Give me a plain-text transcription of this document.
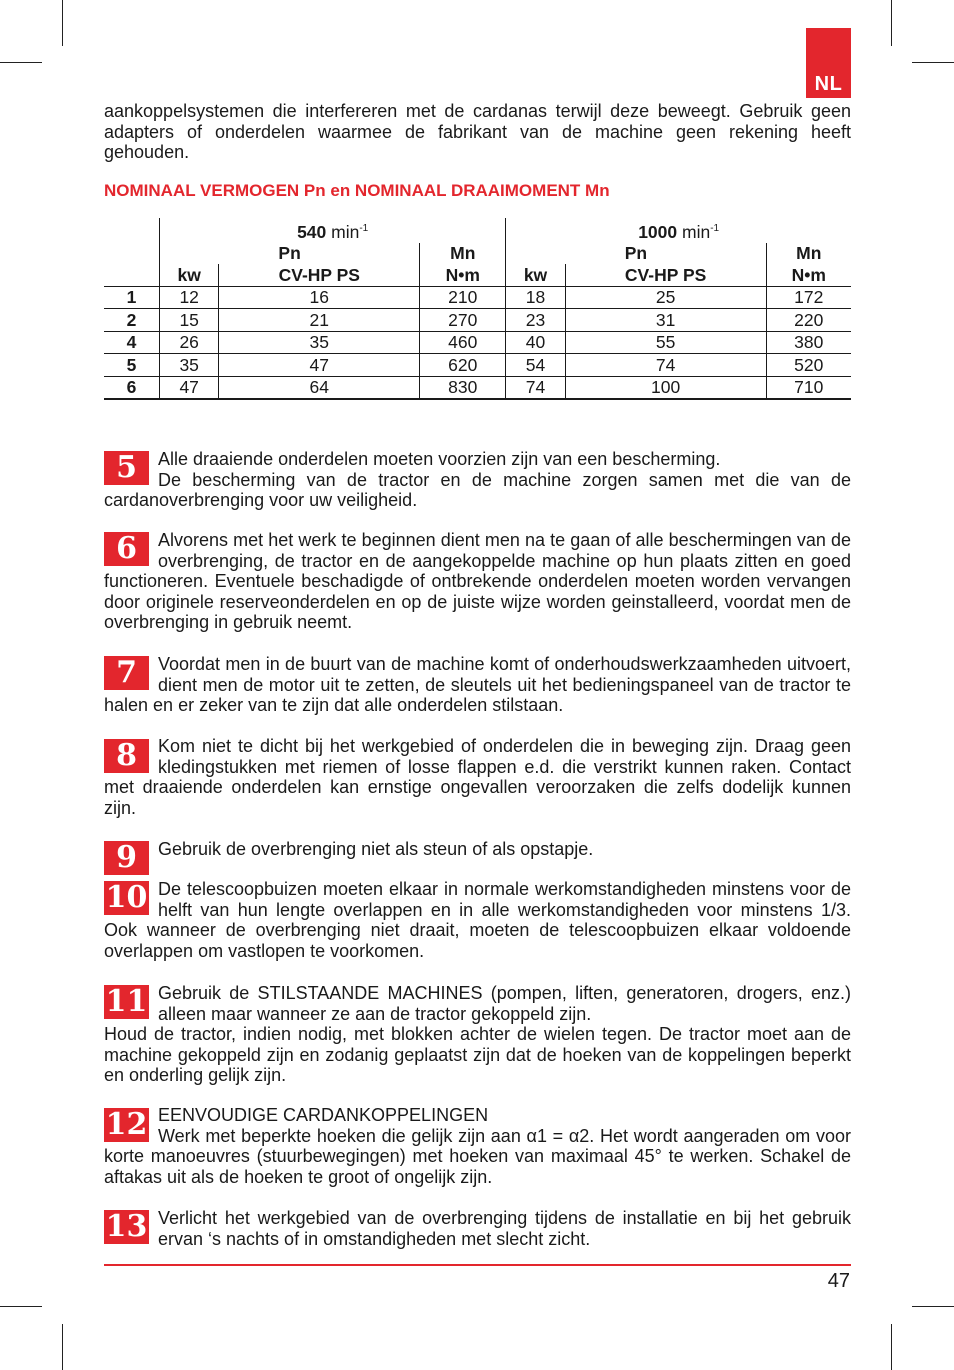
NL
aankoppelsystemen die interfereren met de cardanas terwijl deze beweegt. Gebruik geen adapters of onderdelen waarmee de fabrikant van de machine geen rekening heeft gehouden.
NOMINAAL VERMOGEN Pn en NOMINAAL DRAAIMOMENT Mn
	540 $\min^{-1}$			1000 $\min^{-1}$
	Pn		Mn	Pn		Mn
	kw	CV-HP PS	N•m	kw	CV-HP PS	N•m
1	12	16	210	18	25	172
2	15	21	270	23	31	220
4	26	35	460	40	55	380
5	35	47	620	54	74	520
6	47	64	830	74	100	710
5	Alle draaiende onderdelen moeten voorzien zijn van een bescherming.
De bescherming van de tractor en de machine zorgen samen met die van de cardanoverbrenging voor uw veiligheid.
6	Alvorens met het werk te beginnen dient men na te gaan of alle beschermingen van de overbrenging, de tractor en de aangekoppelde machine op hun plaats zitten en goed functioneren. Eventuele beschadigde of ontbrekende onderdelen moeten worden vervangen door originele reserveonderdelen en op de juiste wijze worden geinstalleerd, voordat men de overbrenging in gebruik neemt.
7	Voordat men in de buurt van de machine komt of onderhoudswerkzaamheden uitvoert, dient men de motor uit te zetten, de sleutels uit het bedieningspaneel van de tractor te halen en er zeker van te zijn dat alle onderdelen stilstaan.
8	Kom niet te dicht bij het werkgebied of onderdelen die in beweging zijn. Draag geen kledingstukken met riemen of losse flappen e.d. die verstrikt kunnen raken. Contact met draaiende onderdelen kan ernstige ongevallen veroorzaken die zelfs dodelijk kunnen zijn.
9	Gebruik de overbrenging niet als steun of als opstapje.
10 De telescoopbuizen moeten elkaar in normale werkomstandigheden minstens voor de helft van hun lengte overlappen en in alle werkomstandigheden voor minstens 1/3. Ook wanneer de overbrenging niet draait, moeten de telescoopbuizen elkaar voldoende overlappen om vastlopen te voorkomen.
11 Gebruik de STILSTAANDE MACHINES (pompen, liften, generatoren, drogers, enz.) alleen maar wanneer ze aan de tractor gekoppeld zijn.
Houd de tractor, indien nodig, met blokken achter de wielen tegen. De tractor moet aan de machine gekoppeld zijn en zodanig geplaatst zijn dat de hoeken van de koppelingen beperkt en onderling gelijk zijn.
12 EENVOUDIGE CARDANKOPPELINGEN
Werk met beperkte hoeken die gelijk zijn aan α1 = α2. Het wordt aangeraden om voor korte manoeuvres (stuurbewegingen) met hoeken van maximaal 45° te werken. Schakel de aftakas uit als de hoeken te groot of ongelijk zijn.
13 Verlicht het werkgebied van de overbrenging tijdens de installatie en bij het gebruik ervan ‘s nachts of in omstandigheden met slecht zicht.
47
